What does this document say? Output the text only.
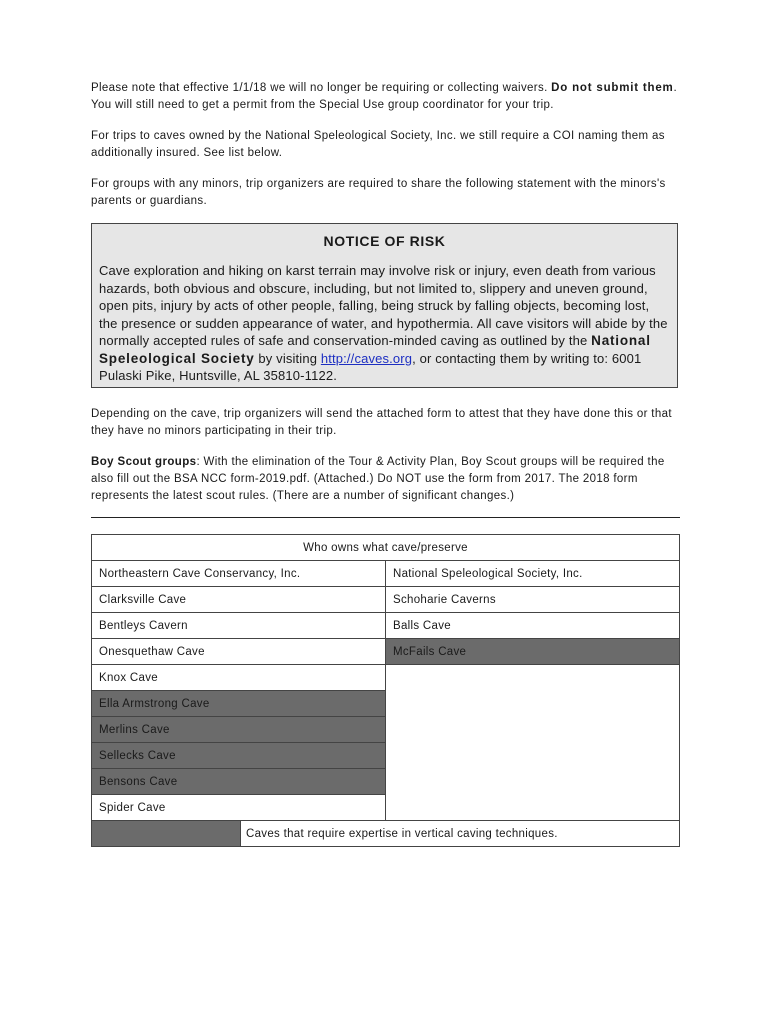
Please note that effective 1/1/18 we will no longer be requiring or collecting waivers. Do not submit them. You will still need to get a permit from the Special Use group coordinator for your trip.

For trips to caves owned by the National Speleological Society, Inc. we still require a COI naming them as additionally insured. See list below.

For groups with any minors, trip organizers are required to share the following statement with the minors's parents or guardians.

NOTICE OF RISK

Cave exploration and hiking on karst terrain may involve risk or injury, even death from various hazards, both obvious and obscure, including, but not limited to, slippery and uneven ground, open pits, injury by acts of other people, falling, being struck by falling objects, becoming lost, the presence or sudden appearance of water, and hypothermia. All cave visitors will abide by the normally accepted rules of safe and conservation-minded caving as outlined by the National Speleological Society by visiting http://caves.org, or contacting them by writing to: 6001 Pulaski Pike, Huntsville, AL 35810-1122.

Depending on the cave, trip organizers will send the attached form to attest that they have done this or that they have no minors participating in their trip.

Boy Scout groups: With the elimination of the Tour & Activity Plan, Boy Scout groups will be required the also fill out the BSA NCC form-2019.pdf. (Attached.) Do NOT use the form from 2017. The 2018 form represents the latest scout rules. (There are a number of significant changes.)

Who owns what cave/preserve	
Northeastern Cave Conservancy, Inc.	National Speleological Society, Inc.
Clarksville Cave	Schoharie Caverns
Bentleys Cavern	Balls Cave
Onesquethaw Cave	McFails Cave
Knox Cave	
Ella Armstrong Cave	
Merlins Cave	
Sellecks Cave	
Bensons Cave	
Spider Cave	

Caves that require expertise in vertical caving techniques.	
